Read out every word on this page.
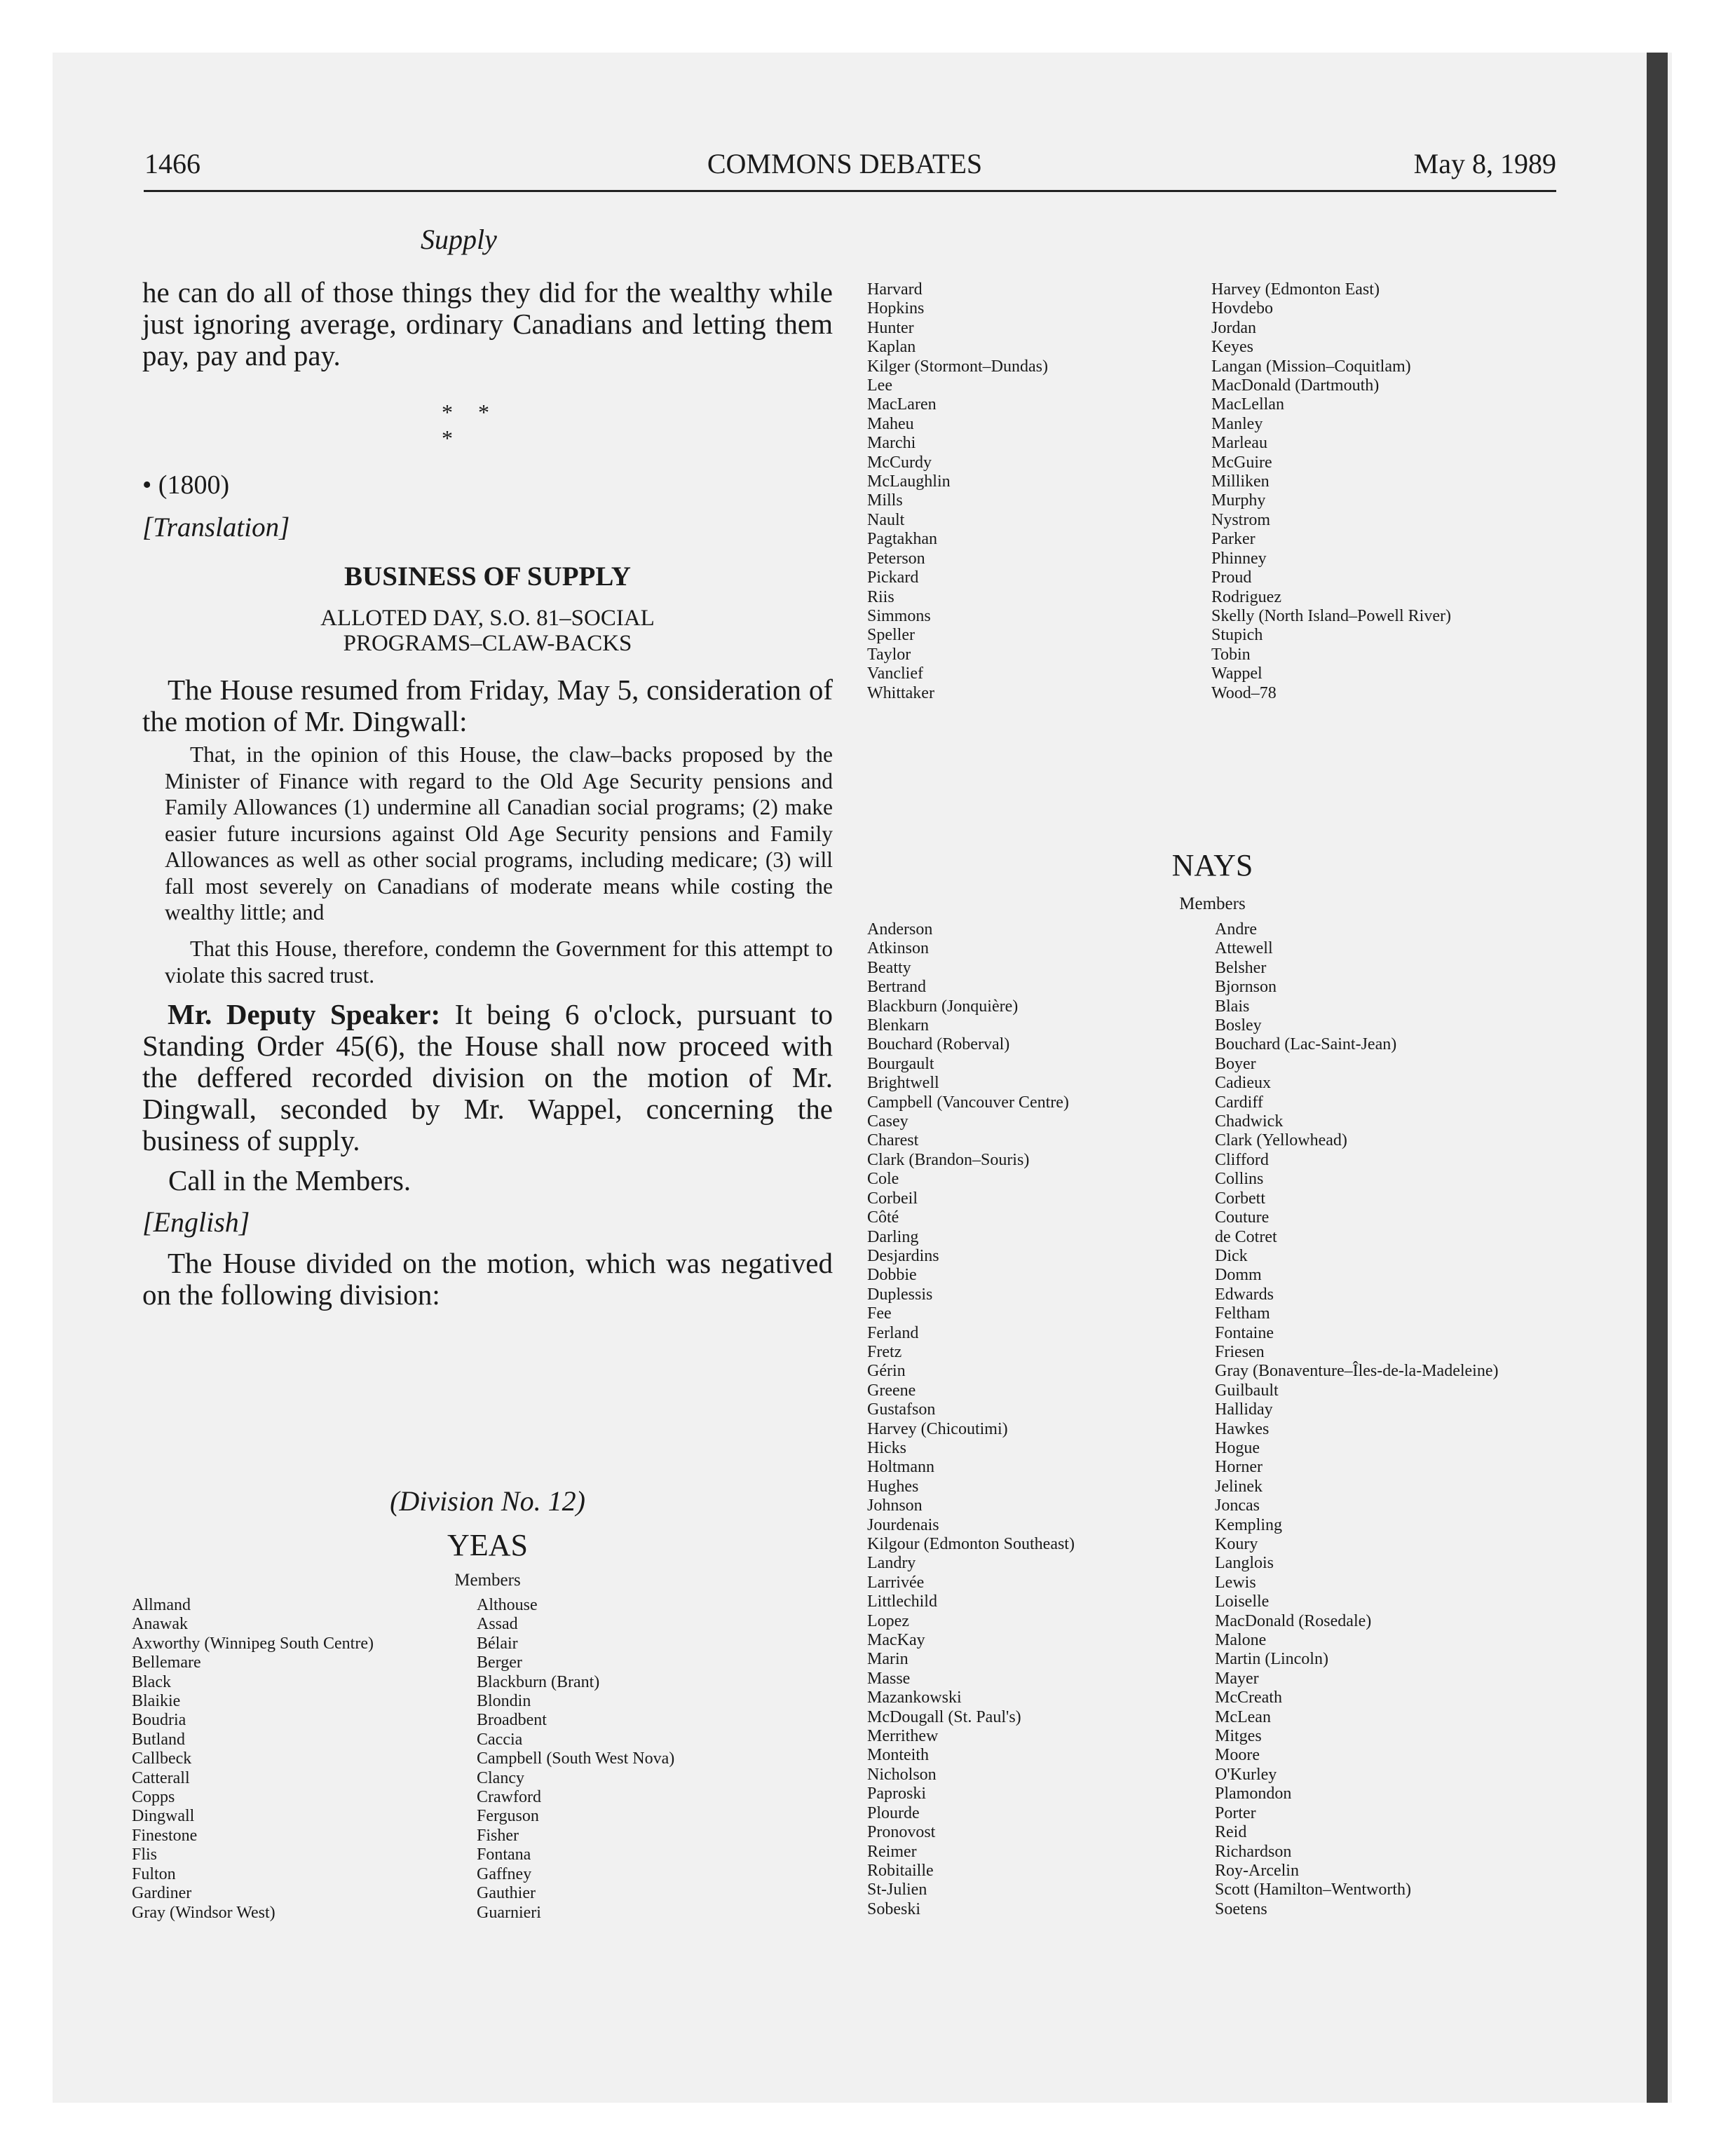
1466	COMMONS DEBATES	May 8, 1989
Supply
he can do all of those things they did for the wealthy while just ignoring average, ordinary Canadians and letting them pay, pay and pay.
* * *
• (1800)
[Translation]
BUSINESS OF SUPPLY
ALLOTED DAY, S.O. 81–SOCIAL
PROGRAMS–CLAW-BACKS
The House resumed from Friday, May 5, consideration of the motion of Mr. Dingwall:
That, in the opinion of this House, the claw–backs proposed by the Minister of Finance with regard to the Old Age Security pensions and Family Allowances (1) undermine all Canadian social programs; (2) make easier future incursions against Old Age Security pensions and Family Allowances as well as other social programs, including medicare; (3) will fall most severely on Canadians of moderate means while costing the wealthy little; and
That this House, therefore, condemn the Government for this attempt to violate this sacred trust.
Mr. Deputy Speaker: It being 6 o'clock, pursuant to Standing Order 45(6), the House shall now proceed with the deffered recorded division on the motion of Mr. Dingwall, seconded by Mr. Wappel, concerning the business of supply.
Call in the Members.
[English]
The House divided on the motion, which was negatived on the following division:
(Division No. 12)
YEAS
Members
Allmand
Anawak
Axworthy (Winnipeg South Centre)
Bellemare
Black
Blaikie
Boudria
Butland
Callbeck
Catterall
Copps
Dingwall
Finestone
Flis
Fulton
Gardiner
Gray (Windsor West)
Althouse
Assad
Bélair
Berger
Blackburn (Brant)
Blondin
Broadbent
Caccia
Campbell (South West Nova)
Clancy
Crawford
Ferguson
Fisher
Fontana
Gaffney
Gauthier
Guarnieri
Harvard
Hopkins
Hunter
Kaplan
Kilger (Stormont–Dundas)
Lee
MacLaren
Maheu
Marchi
McCurdy
McLaughlin
Mills
Nault
Pagtakhan
Peterson
Pickard
Riis
Simmons
Speller
Taylor
Vanclief
Whittaker
Harvey (Edmonton East)
Hovdebo
Jordan
Keyes
Langan (Mission–Coquitlam)
MacDonald (Dartmouth)
MacLellan
Manley
Marleau
McGuire
Milliken
Murphy
Nystrom
Parker
Phinney
Proud
Rodriguez
Skelly (North Island–Powell River)
Stupich
Tobin
Wappel
Wood–78
NAYS
Members
Anderson
Atkinson
Beatty
Bertrand
Blackburn (Jonquière)
Blenkarn
Bouchard (Roberval)
Bourgault
Brightwell
Campbell (Vancouver Centre)
Casey
Charest
Clark (Brandon–Souris)
Cole
Corbeil
Côté
Darling
Desjardins
Dobbie
Duplessis
Fee
Ferland
Fretz
Gérin
Greene
Gustafson
Harvey (Chicoutimi)
Hicks
Holtmann
Hughes
Johnson
Jourdenais
Kilgour (Edmonton Southeast)
Landry
Larrivée
Littlechild
Lopez
MacKay
Marin
Masse
Mazankowski
McDougall (St. Paul's)
Merrithew
Monteith
Nicholson
Paproski
Plourde
Pronovost
Reimer
Robitaille
St-Julien
Sobeski
Andre
Attewell
Belsher
Bjornson
Blais
Bosley
Bouchard (Lac-Saint-Jean)
Boyer
Cadieux
Cardiff
Chadwick
Clark (Yellowhead)
Clifford
Collins
Corbett
Couture
de Cotret
Dick
Domm
Edwards
Feltham
Fontaine
Friesen
Gray (Bonaventure–Îles-de-la-Madeleine)
Guilbault
Halliday
Hawkes
Hogue
Horner
Jelinek
Joncas
Kempling
Koury
Langlois
Lewis
Loiselle
MacDonald (Rosedale)
Malone
Martin (Lincoln)
Mayer
McCreath
McLean
Mitges
Moore
O'Kurley
Plamondon
Porter
Reid
Richardson
Roy-Arcelin
Scott (Hamilton–Wentworth)
Soetens
